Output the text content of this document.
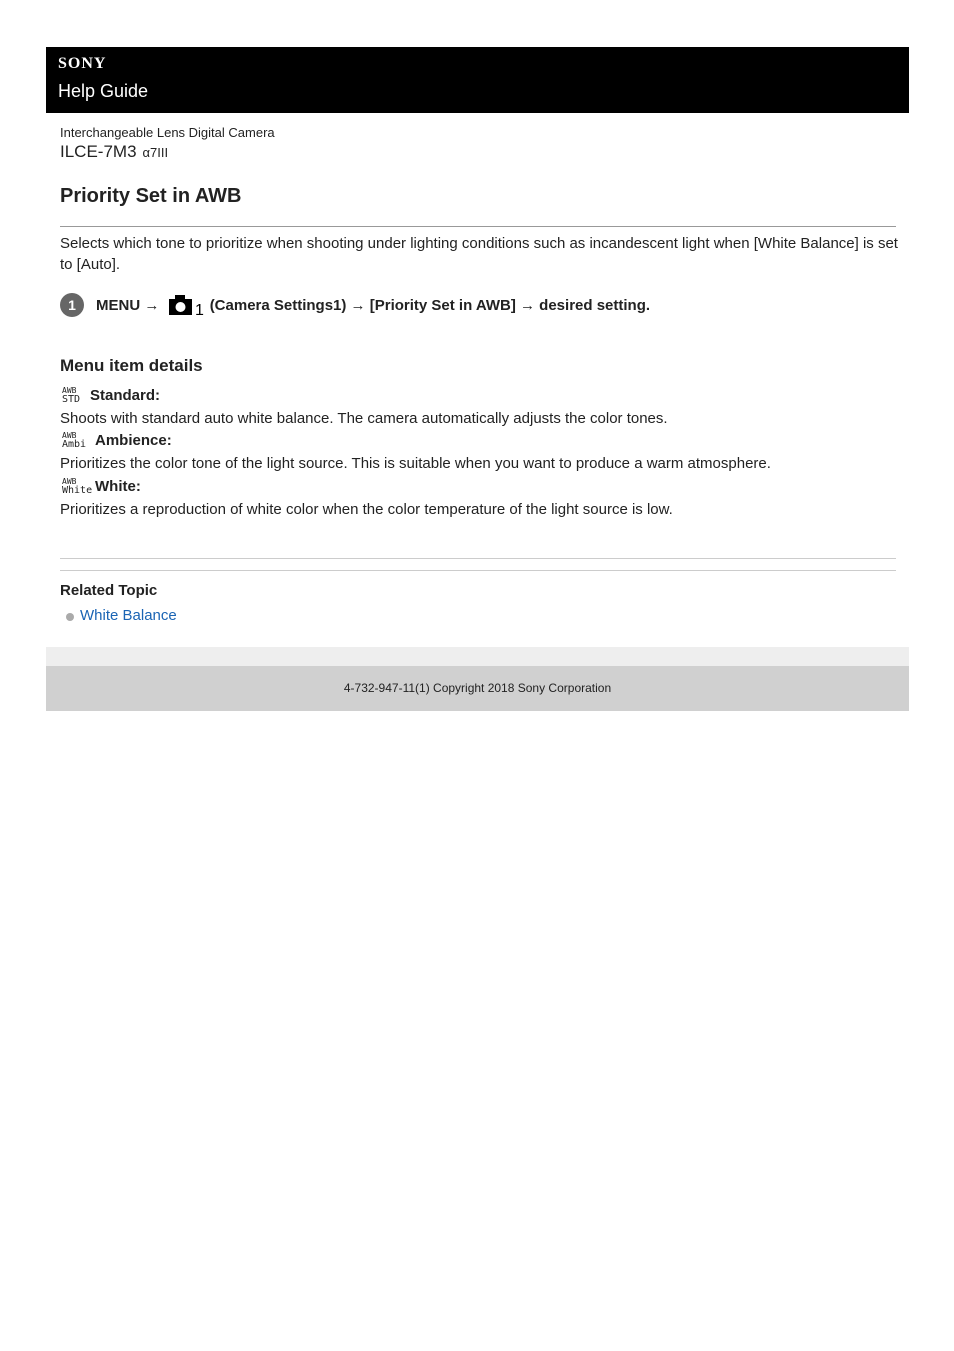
SONY
Help Guide
Interchangeable Lens Digital Camera
ILCE-7M3 α7III
Priority Set in AWB
Selects which tone to prioritize when shooting under lighting conditions such as incandescent light when [White Balance] is set to [Auto].
1	MENU → 1 (Camera Settings1) → [Priority Set in AWB] → desired setting.
Menu item details
AWB
STD Standard:
Shoots with standard auto white balance. The camera automatically adjusts the color tones.
AWB
Ambi Ambience:
Prioritizes the color tone of the light source. This is suitable when you want to produce a warm atmosphere.
AWB
White White:
Prioritizes a reproduction of white color when the color temperature of the light source is low.
Related Topic
White Balance
4-732-947-11(1) Copyright 2018 Sony Corporation
